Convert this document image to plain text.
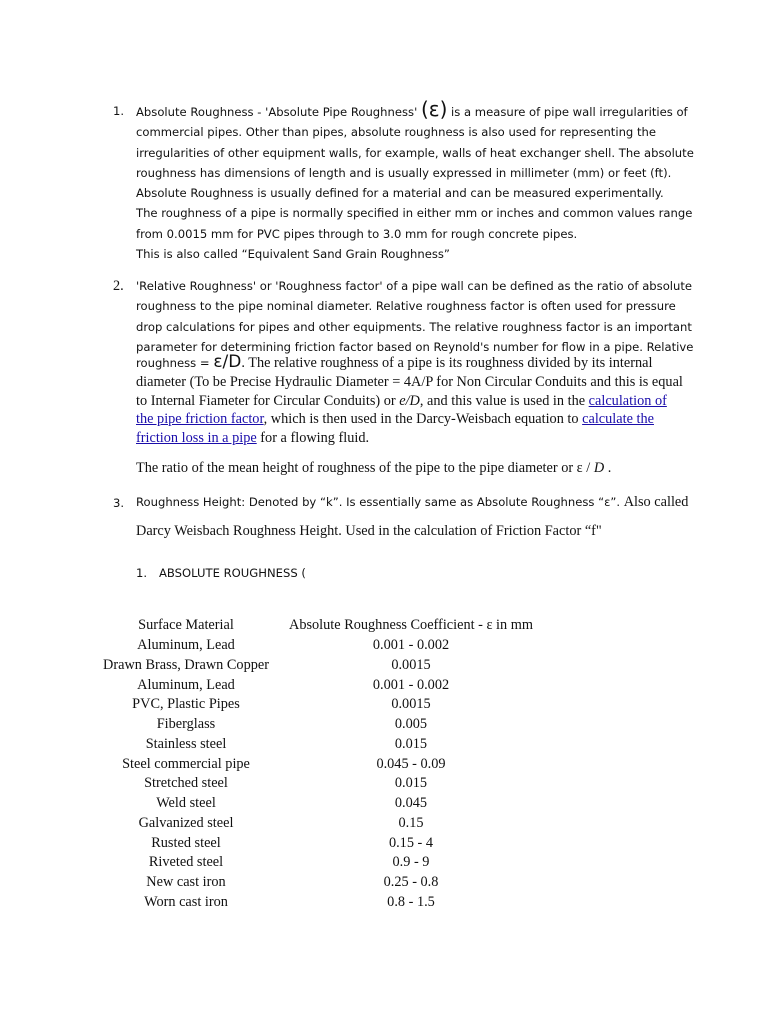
1. Absolute Roughness - 'Absolute Pipe Roughness' (ε) is a measure of pipe wall irregularities of
commercial pipes. Other than pipes, absolute roughness is also used for representing the
irregularities of other equipment walls, for example, walls of heat exchanger shell. The absolute
roughness has dimensions of length and is usually expressed in millimeter (mm) or feet (ft).
Absolute Roughness is usually defined for a material and can be measured experimentally.
The roughness of a pipe is normally specified in either mm or inches and common values range
from 0.0015 mm for PVC pipes through to 3.0 mm for rough concrete pipes.
This is also called “Equivalent Sand Grain Roughness”
2. 'Relative Roughness' or 'Roughness factor' of a pipe wall can be defined as the ratio of absolute
roughness to the pipe nominal diameter. Relative roughness factor is often used for pressure
drop calculations for pipes and other equipments. The relative roughness factor is an important
parameter for determining friction factor based on Reynold's number for flow in a pipe. Relative
roughness = ε/D. The relative roughness of a pipe is its roughness divided by its internal diameter (To be Precise Hydraulic Diameter = 4A/P for Non Circular Conduits and this is equal to Internal Fiameter for Circular Conduits) or e/D, and this value is used in the calculation of the pipe friction factor, which is then used in the Darcy-Weisbach equation to calculate the friction loss in a pipe for a flowing fluid.
The ratio of the mean height of roughness of the pipe to the pipe diameter or ε / D .
3. Roughness Height: Denoted by “k”. Is essentially same as Absolute Roughness “ε”. Also called
Darcy Weisbach Roughness Height. Used in the calculation of Friction Factor “f"
1. ABSOLUTE ROUGHNESS (
Surface Material	Absolute Roughness Coefficient - ε in mm
Aluminum, Lead	0.001 - 0.002
Drawn Brass, Drawn Copper	0.0015
Aluminum, Lead	0.001 - 0.002
PVC, Plastic Pipes	0.0015
Fiberglass	0.005
Stainless steel	0.015
Steel commercial pipe	0.045 - 0.09
Stretched steel	0.015
Weld steel	0.045
Galvanized steel	0.15
Rusted steel	0.15 - 4
Riveted steel	0.9 - 9
New cast iron	0.25 - 0.8
Worn cast iron	0.8 - 1.5
